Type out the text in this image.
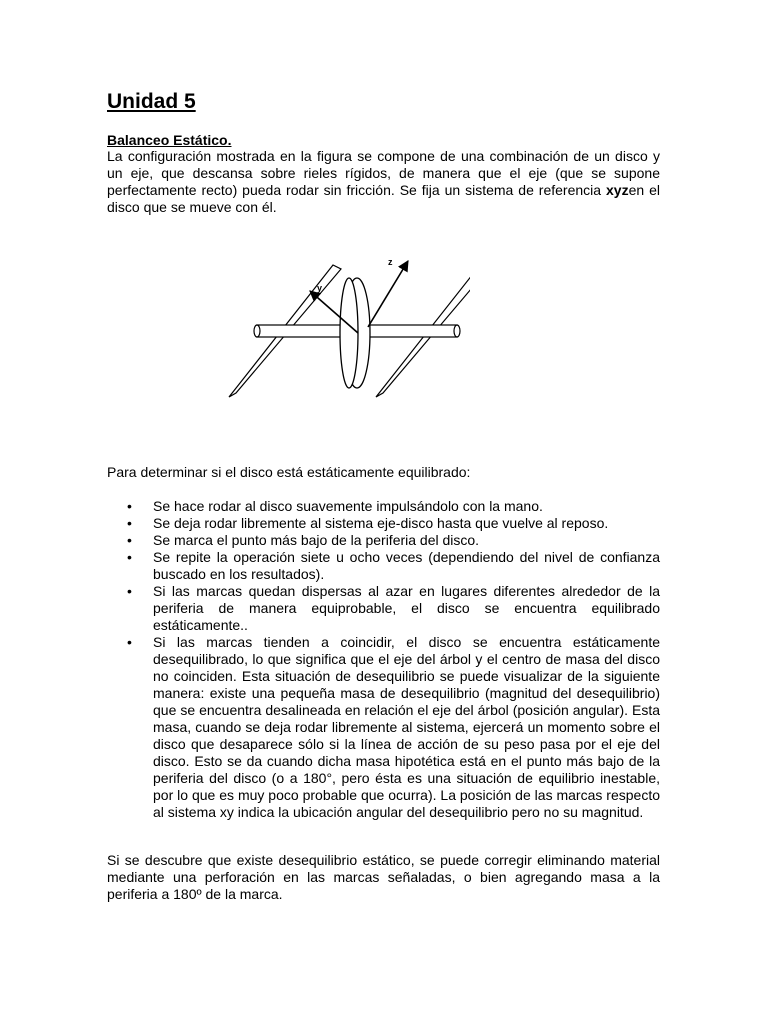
Unidad 5
Balanceo Estático.

La configuración mostrada en la figura se compone de una combinación de un disco y un eje, que descansa sobre rieles rígidos, de manera que el eje (que se supone perfectamente recto) pueda rodar sin fricción. Se fija un sistema de referencia xyzen el disco que se mueve con él.

Para determinar si el disco está estáticamente equilibrado:

• Se hace rodar al disco suavemente impulsándolo con la mano.
• Se deja rodar libremente al sistema eje-disco hasta que vuelve al reposo.
• Se marca el punto más bajo de la periferia del disco.
• Se repite la operación siete u ocho veces (dependiendo del nivel de confianza buscado en los resultados).
• Si las marcas quedan dispersas al azar en lugares diferentes alrededor de la periferia de manera equiprobable, el disco se encuentra equilibrado estáticamente..
• Si las marcas tienden a coincidir, el disco se encuentra estáticamente desequilibrado, lo que significa que el eje del árbol y el centro de masa del disco no coinciden. Esta situación de desequilibrio se puede visualizar de la siguiente manera: existe una pequeña masa de desequilibrio (magnitud del desequilibrio) que se encuentra desalineada en relación el eje del árbol (posición angular). Esta masa, cuando se deja rodar libremente al sistema, ejercerá un momento sobre el disco que desaparece sólo si la línea de acción de su peso pasa por el eje del disco. Esto se da cuando dicha masa hipotética está en el punto más bajo de la periferia del disco (o a 180°, pero ésta es una situación de equilibrio inestable, por lo que es muy poco probable que ocurra). La posición de las marcas respecto al sistema xy indica la ubicación angular del desequilibrio pero no su magnitud.

Si se descubre que existe desequilibrio estático, se puede corregir eliminando material mediante una perforación en las marcas señaladas, o bien agregando masa a la periferia a 180º de la marca.

y
z
